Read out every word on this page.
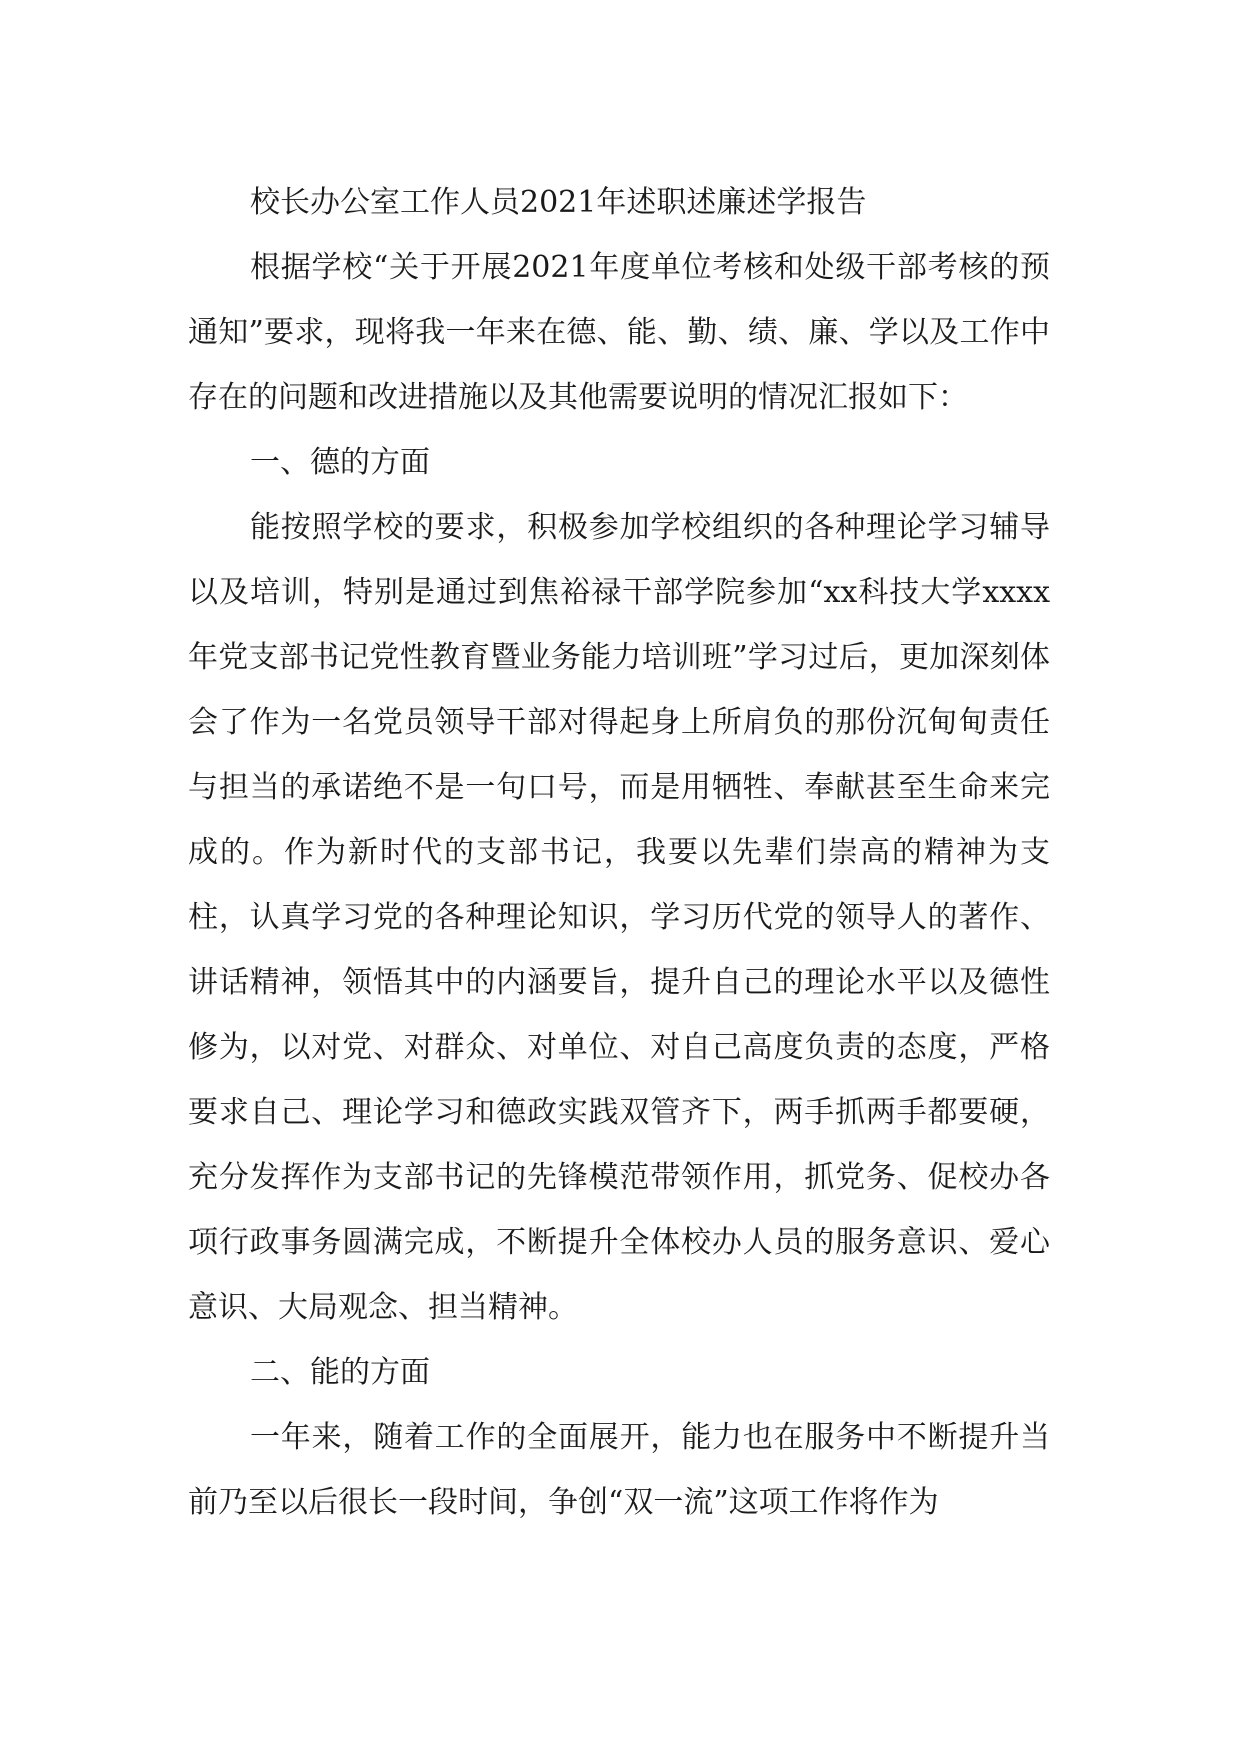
校长办公室工作人员2021年述职述廉述学报告

根据学校“关于开展2021年度单位考核和处级干部考核的预通知”要求，现将我一年来在德、能、勤、绩、廉、学以及工作中存在的问题和改进措施以及其他需要说明的情况汇报如下：

一、德的方面

能按照学校的要求，积极参加学校组织的各种理论学习辅导以及培训，特别是通过到焦裕禄干部学院参加“xx科技大学xxxx年党支部书记党性教育暨业务能力培训班”学习过后，更加深刻体会了作为一名党员领导干部对得起身上所肩负的那份沉甸甸责任与担当的承诺绝不是一句口号，而是用牺牲、奉献甚至生命来完成的。作为新时代的支部书记，我要以先辈们崇高的精神为支柱，认真学习党的各种理论知识，学习历代党的领导人的著作、讲话精神，领悟其中的内涵要旨，提升自己的理论水平以及德性修为，以对党、对群众、对单位、对自己高度负责的态度，严格要求自己、理论学习和德政实践双管齐下，两手抓两手都要硬，充分发挥作为支部书记的先锋模范带领作用，抓党务、促校办各项行政事务圆满完成，不断提升全体校办人员的服务意识、爱心意识、大局观念、担当精神。

二、能的方面

一年来，随着工作的全面展开，能力也在服务中不断提升当前乃至以后很长一段时间，争创“双一流”这项工作将作为
